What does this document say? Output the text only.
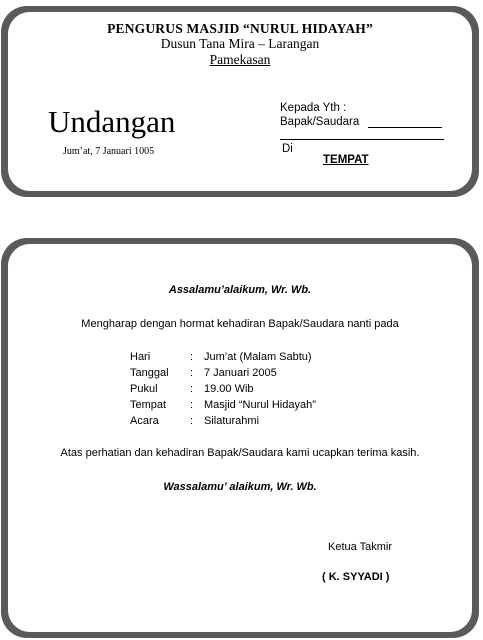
PENGURUS MASJID “NURUL HIDAYAH”
Dusun Tana Mira – Larangan
Pamekasan
Undangan
Jum’at, 7 Januari 1005
Kepada Yth :
Bapak/Saudara
Di
TEMPAT
Assalamu’alaikum, Wr. Wb.
Mengharap dengan hormat kehadiran Bapak/Saudara nanti pada
Hari	: Jum’at (Malam Sabtu)
Tanggal : 7 Januari 2005
Pukul	: 19.00 Wib
Tempat : Masjid “Nurul Hidayah”
Acara	: Silaturahmi
Atas perhatian dan kehadiran Bapak/Saudara kami ucapkan terima kasih.
Wassalamu’ alaikum, Wr. Wb.
Ketua Takmir
( K. SYYADI )
